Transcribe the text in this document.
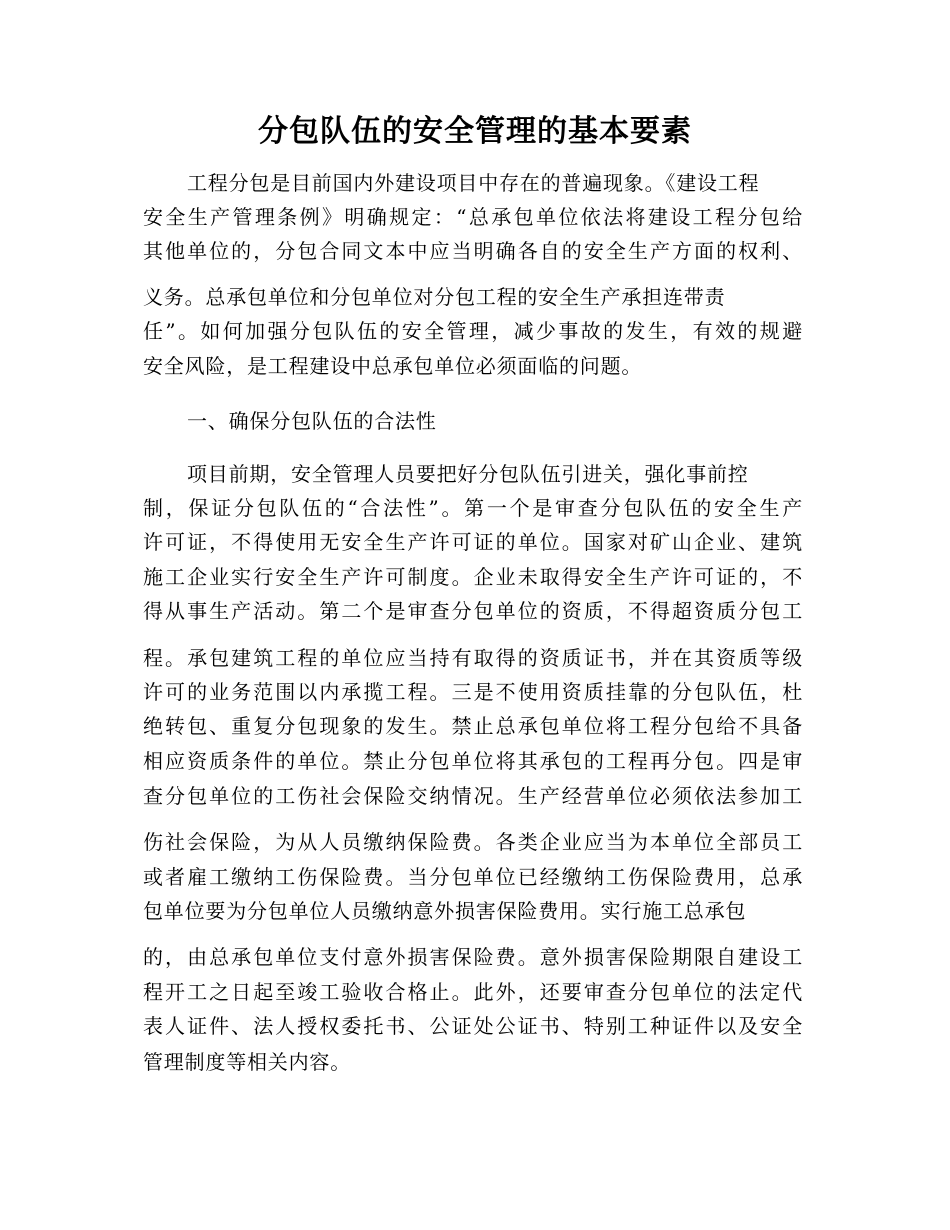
分包队伍的安全管理的基本要素
工程分包是目前国内外建设项目中存在的普遍现象。《建设工程
安全生产管理条例》明确规定：“总承包单位依法将建设工程分包给
其他单位的，分包合同文本中应当明确各自的安全生产方面的权利、
义务。总承包单位和分包单位对分包工程的安全生产承担连带责
任”。如何加强分包队伍的安全管理，减少事故的发生，有效的规避
安全风险，是工程建设中总承包单位必须面临的问题。
一、确保分包队伍的合法性
项目前期，安全管理人员要把好分包队伍引进关，强化事前控
制，保证分包队伍的“合法性”。第一个是审查分包队伍的安全生产
许可证，不得使用无安全生产许可证的单位。国家对矿山企业、建筑
施工企业实行安全生产许可制度。企业未取得安全生产许可证的，不
得从事生产活动。第二个是审查分包单位的资质，不得超资质分包工
程。承包建筑工程的单位应当持有取得的资质证书，并在其资质等级
许可的业务范围以内承揽工程。三是不使用资质挂靠的分包队伍，杜
绝转包、重复分包现象的发生。禁止总承包单位将工程分包给不具备
相应资质条件的单位。禁止分包单位将其承包的工程再分包。四是审
查分包单位的工伤社会保险交纳情况。生产经营单位必须依法参加工
伤社会保险，为从人员缴纳保险费。各类企业应当为本单位全部员工
或者雇工缴纳工伤保险费。当分包单位已经缴纳工伤保险费用，总承
包单位要为分包单位人员缴纳意外损害保险费用。实行施工总承包
的，由总承包单位支付意外损害保险费。意外损害保险期限自建设工
程开工之日起至竣工验收合格止。此外，还要审查分包单位的法定代
表人证件、法人授权委托书、公证处公证书、特别工种证件以及安全
管理制度等相关内容。
